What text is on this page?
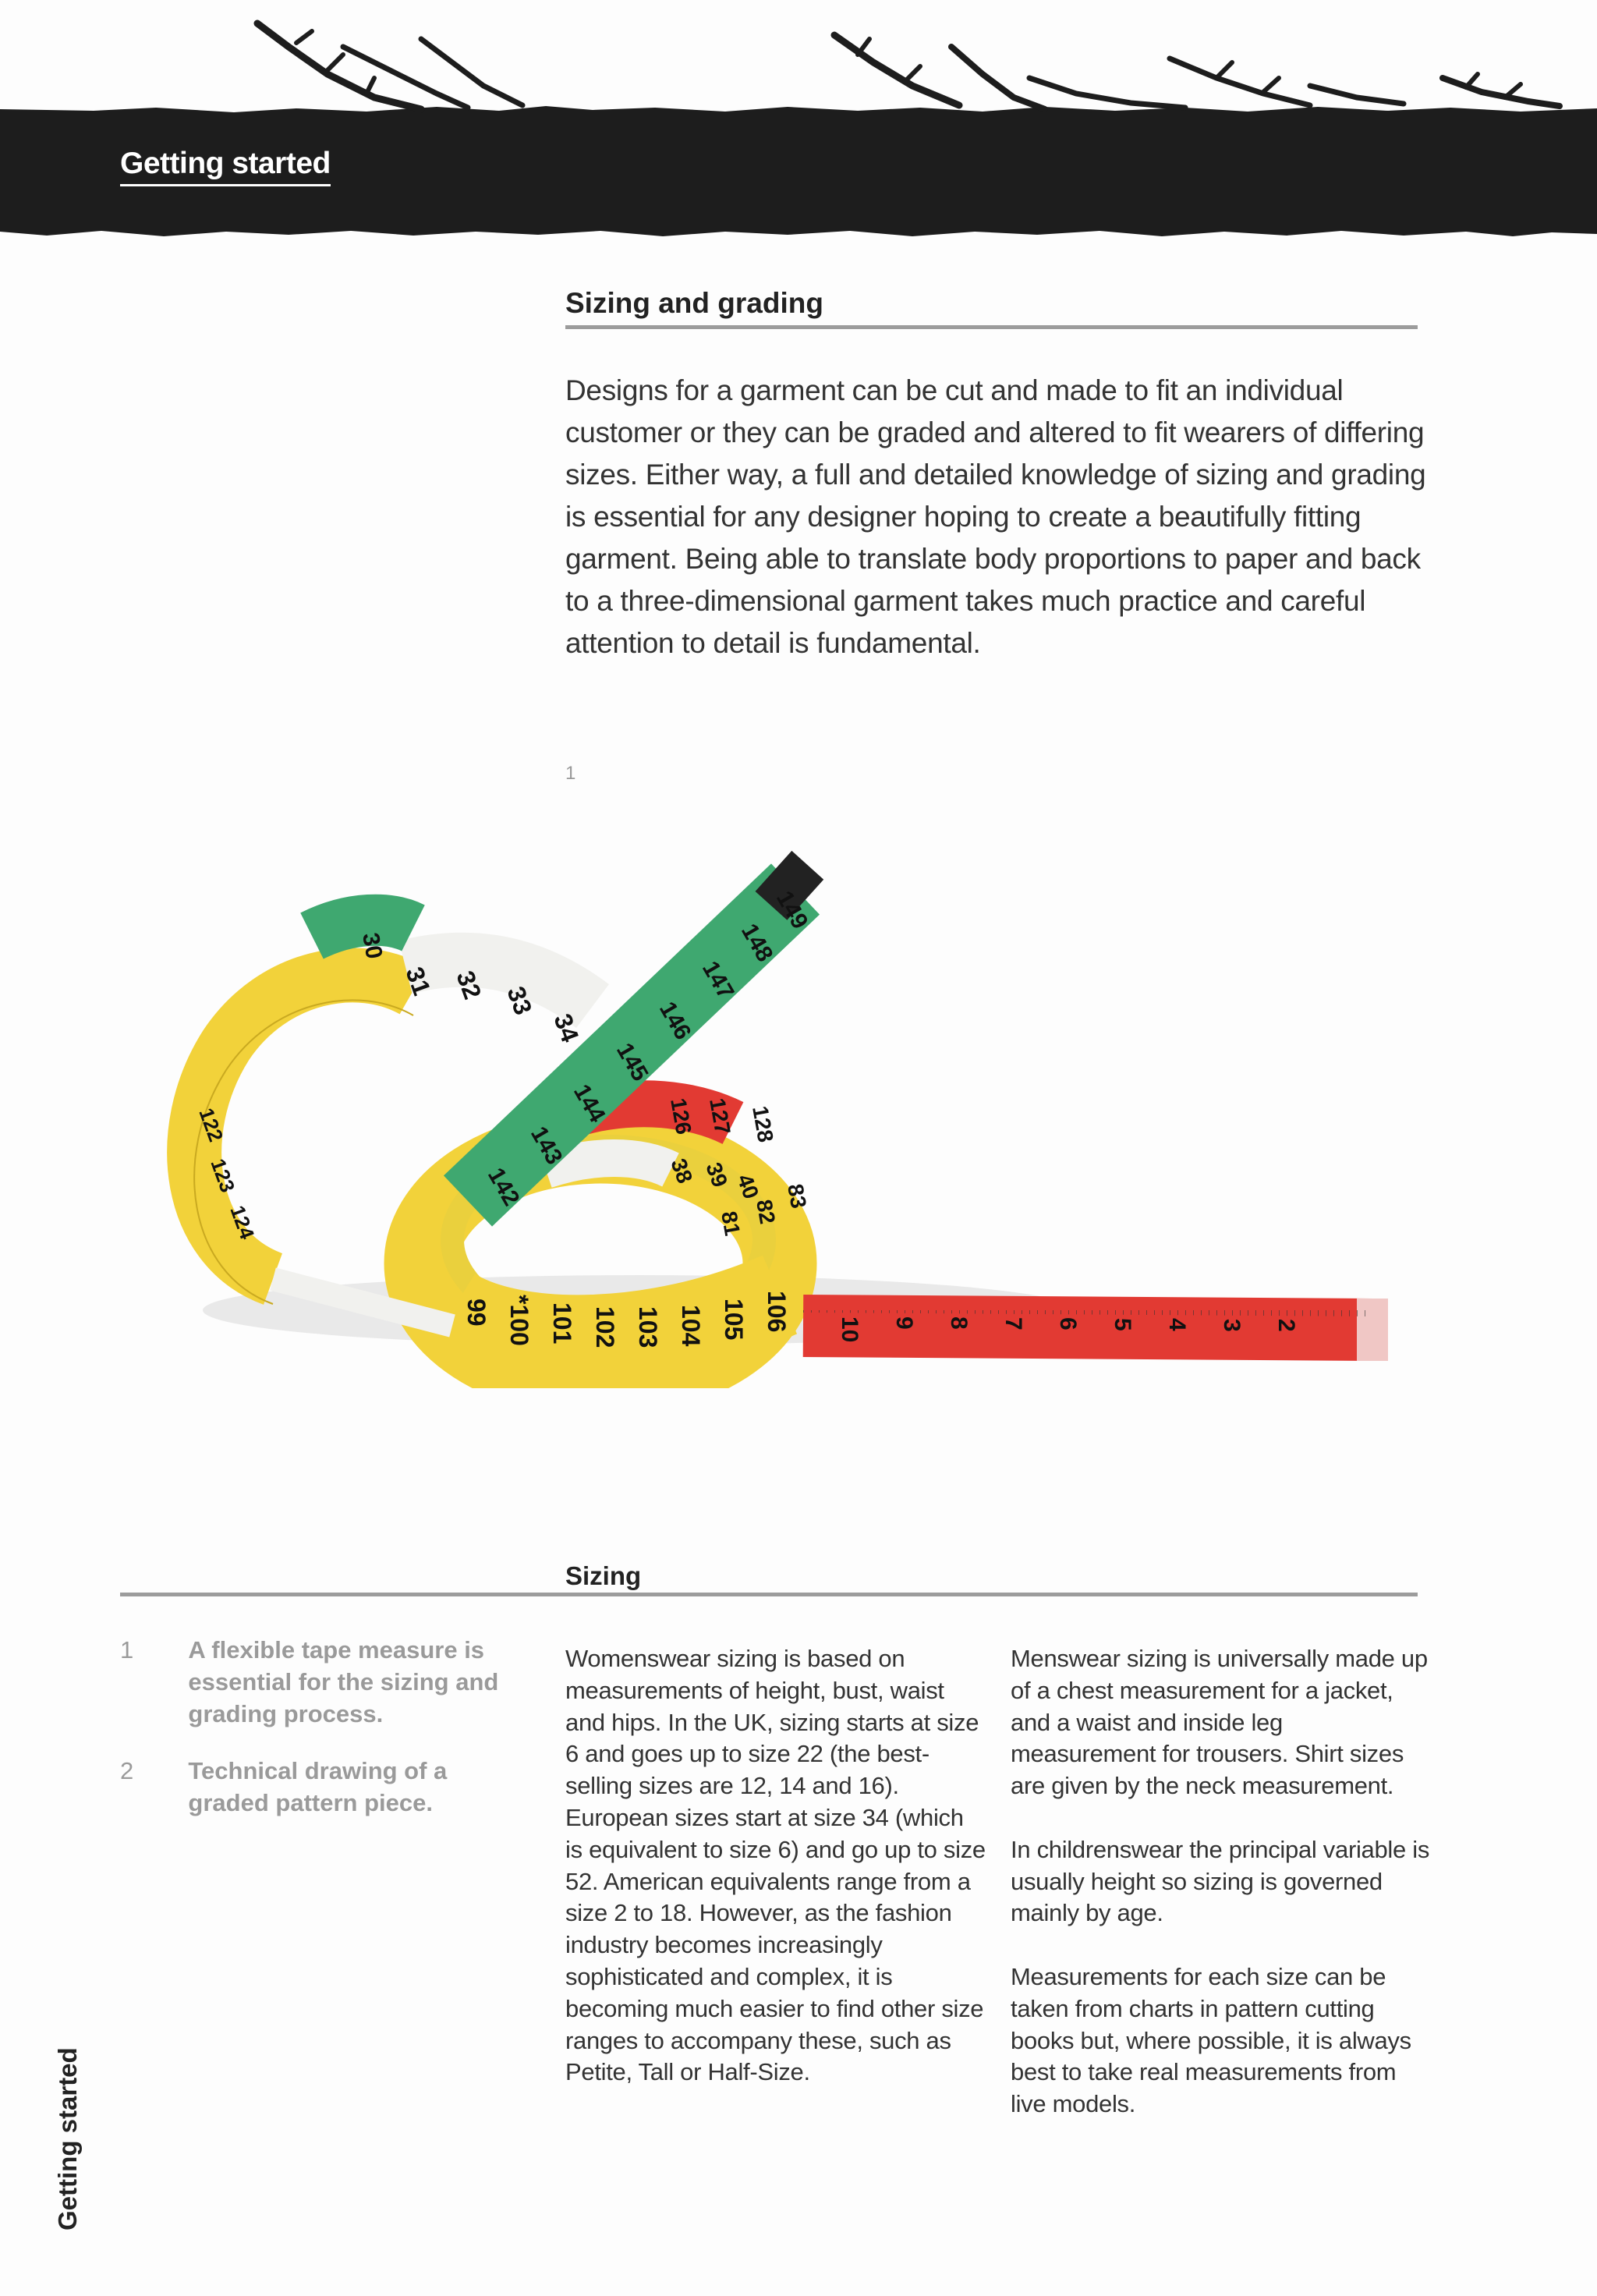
Getting started
Sizing and grading
Designs for a garment can be cut and made to fit an individual customer or they can be graded and altered to fit wearers of differing sizes. Either way, a full and detailed knowledge of sizing and grading is essential for any designer hoping to create a beautifully fitting garment. Being able to translate body proportions to paper and back to a three-dimensional garment takes much practice and careful attention to detail is fundamental.
1
31 32 33
34
30
142
143
144
145
146
147
148
149
126 127 128
38 39 40
99 *100 101 102 103 104 105 106
81 82
83
122
123
124
10 9 8 7 6 5 4 3 2
Sizing
1	A flexible tape measure is essential for the sizing and grading process.
2	Technical drawing of a graded pattern piece.

Womenswear sizing is based on measurements of height, bust, waist and hips. In the UK, sizing starts at size 6 and goes up to size 22 (the best-selling sizes are 12, 14 and 16). European sizes start at size 34 (which is equivalent to size 6) and go up to size 52. American equivalents range from a size 2 to 18. However, as the fashion industry becomes increasingly sophisticated and complex, it is becoming much easier to find other size ranges to accompany these, such as Petite, Tall or Half-Size.

Menswear sizing is universally made up of a chest measurement for a jacket, and a waist and inside leg measurement for trousers. Shirt sizes are given by the neck measurement.

In childrenswear the principal variable is usually height so sizing is governed mainly by age.

Measurements for each size can be taken from charts in pattern cutting books but, where possible, it is always best to take real measurements from live models.

Getting started
